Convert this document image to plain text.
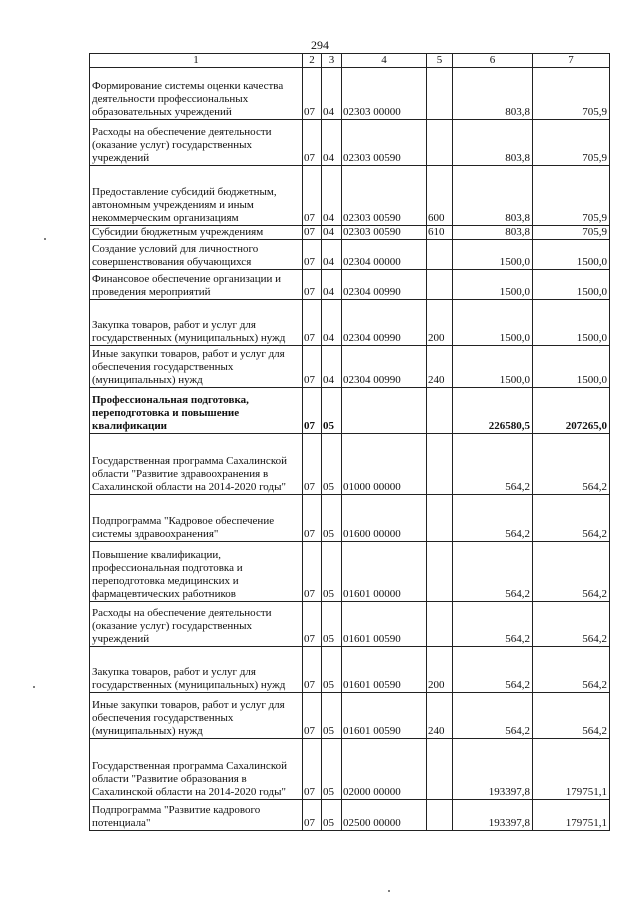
294
1	2	3	4	5	6	7
Формирование системы оценки качества деятельности профессиональных образовательных учреждений	07	04	02303 00000		803,8	705,9
Расходы на обеспечение деятельности (оказание услуг) государственных учреждений	07	04	02303 00590		803,8	705,9
Предоставление субсидий бюджетным, автономным учреждениям и иным некоммерческим организациям	07	04	02303 00590	600	803,8	705,9
Субсидии бюджетным учреждениям	07	04	02303 00590	610	803,8	705,9
Создание условий для личностного совершенствования обучающихся	07	04	02304 00000		1500,0	1500,0
Финансовое обеспечение организации и проведения мероприятий	07	04	02304 00990		1500,0	1500,0
Закупка товаров, работ и услуг для государственных (муниципальных) нужд	07	04	02304 00990	200	1500,0	1500,0
Иные закупки товаров, работ и услуг для обеспечения государственных (муниципальных) нужд	07	04	02304 00990	240	1500,0	1500,0
Профессиональная подготовка, переподготовка и повышение квалификации	07	05			226580,5	207265,0
Государственная программа Сахалинской области "Развитие здравоохранения в Сахалинской области на 2014-2020 годы"	07	05	01000 00000		564,2	564,2
Подпрограмма "Кадровое обеспечение системы здравоохранения"	07	05	01600 00000		564,2	564,2
Повышение квалификации, профессиональная подготовка и переподготовка медицинских и фармацевтических работников	07	05	01601 00000		564,2	564,2
Расходы на обеспечение деятельности (оказание услуг) государственных учреждений	07	05	01601 00590		564,2	564,2
Закупка товаров, работ и услуг для государственных (муниципальных) нужд	07	05	01601 00590	200	564,2	564,2
Иные закупки товаров, работ и услуг для обеспечения государственных (муниципальных) нужд	07	05	01601 00590	240	564,2	564,2
Государственная программа Сахалинской области "Развитие образования в Сахалинской области на 2014-2020 годы"	07	05	02000 00000		193397,8	179751,1
Подпрограмма "Развитие кадрового потенциала"	07	05	02500 00000		193397,8	179751,1
